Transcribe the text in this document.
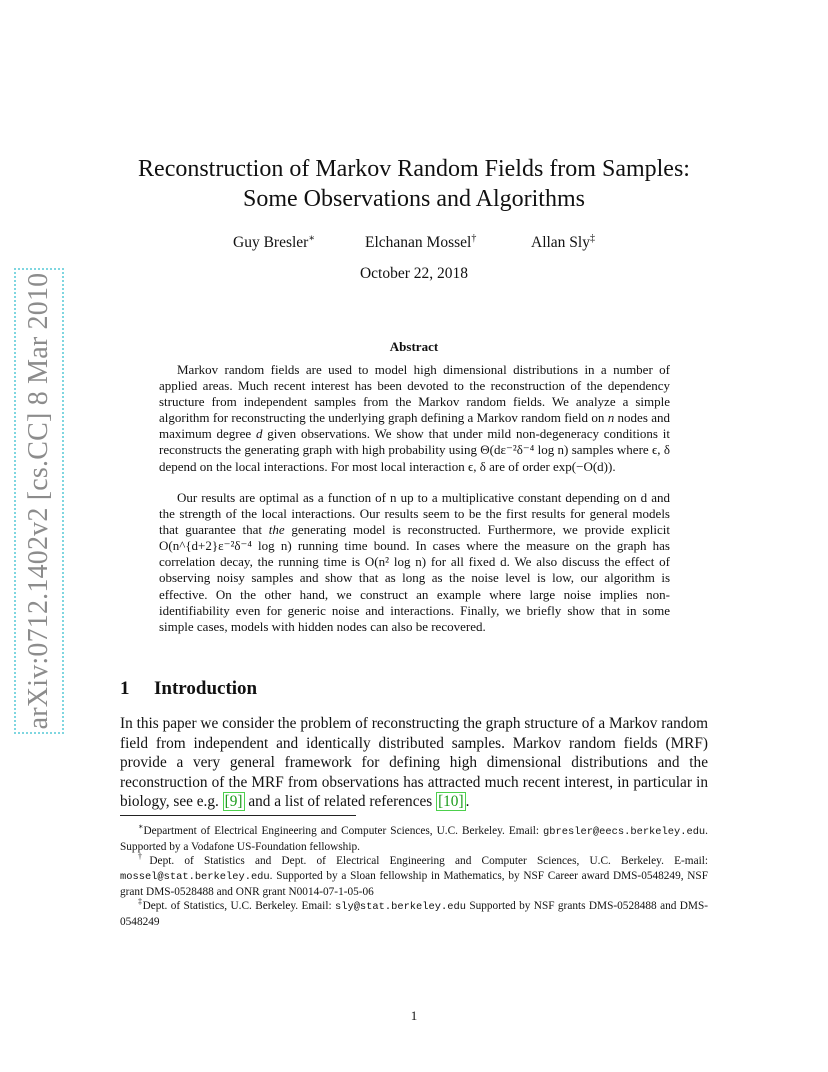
arXiv:0712.1402v2 [cs.CC] 8 Mar 2010
Reconstruction of Markov Random Fields from Samples:
Some Observations and Algorithms
Guy Bresler∗	Elchanan Mossel†	Allan Sly‡
October 22, 2018
Abstract

Markov random fields are used to model high dimensional distributions in a number of applied areas. Much recent interest has been devoted to the reconstruction of the dependency structure from independent samples from the Markov random fields. We analyze a simple algorithm for reconstructing the underlying graph defining a Markov random field on n nodes and maximum degree d given observations. We show that under mild non-degeneracy conditions it reconstructs the generating graph with high probability using Θ(dε⁻²δ⁻⁴ log n) samples where ϵ, δ depend on the local interactions. For most local interaction ϵ, δ are of order exp(−O(d)).

Our results are optimal as a function of n up to a multiplicative constant depending on d and the strength of the local interactions. Our results seem to be the first results for general models that guarantee that the generating model is reconstructed. Furthermore, we provide explicit O(n^{d+2}ε⁻²δ⁻⁴ log n) running time bound. In cases where the measure on the graph has correlation decay, the running time is O(n² log n) for all fixed d. We also discuss the effect of observing noisy samples and show that as long as the noise level is low, our algorithm is effective. On the other hand, we construct an example where large noise implies non-identifiability even for generic noise and interactions. Finally, we briefly show that in some simple cases, models with hidden nodes can also be recovered.

1 Introduction

In this paper we consider the problem of reconstructing the graph structure of a Markov random field from independent and identically distributed samples. Markov random fields (MRF) provide a very general framework for defining high dimensional distributions and the reconstruction of the MRF from observations has attracted much recent interest, in particular in biology, see e.g. [9] and a list of related references [10] .

∗Department of Electrical Engineering and Computer Sciences, U.C. Berkeley. Email: gbresler@eecs.berkeley.edu. Supported by a Vodafone US-Foundation fellowship.

†Dept. of Statistics and Dept. of Electrical Engineering and Computer Sciences, U.C. Berkeley. E-mail: mossel@stat.berkeley.edu. Supported by a Sloan fellowship in Mathematics, by NSF Career award DMS-0548249, NSF grant DMS-0528488 and ONR grant N0014-07-1-05-06

‡Dept. of Statistics, U.C. Berkeley. Email: sly@stat.berkeley.edu Supported by NSF grants DMS-0528488 and DMS-0548249

1
